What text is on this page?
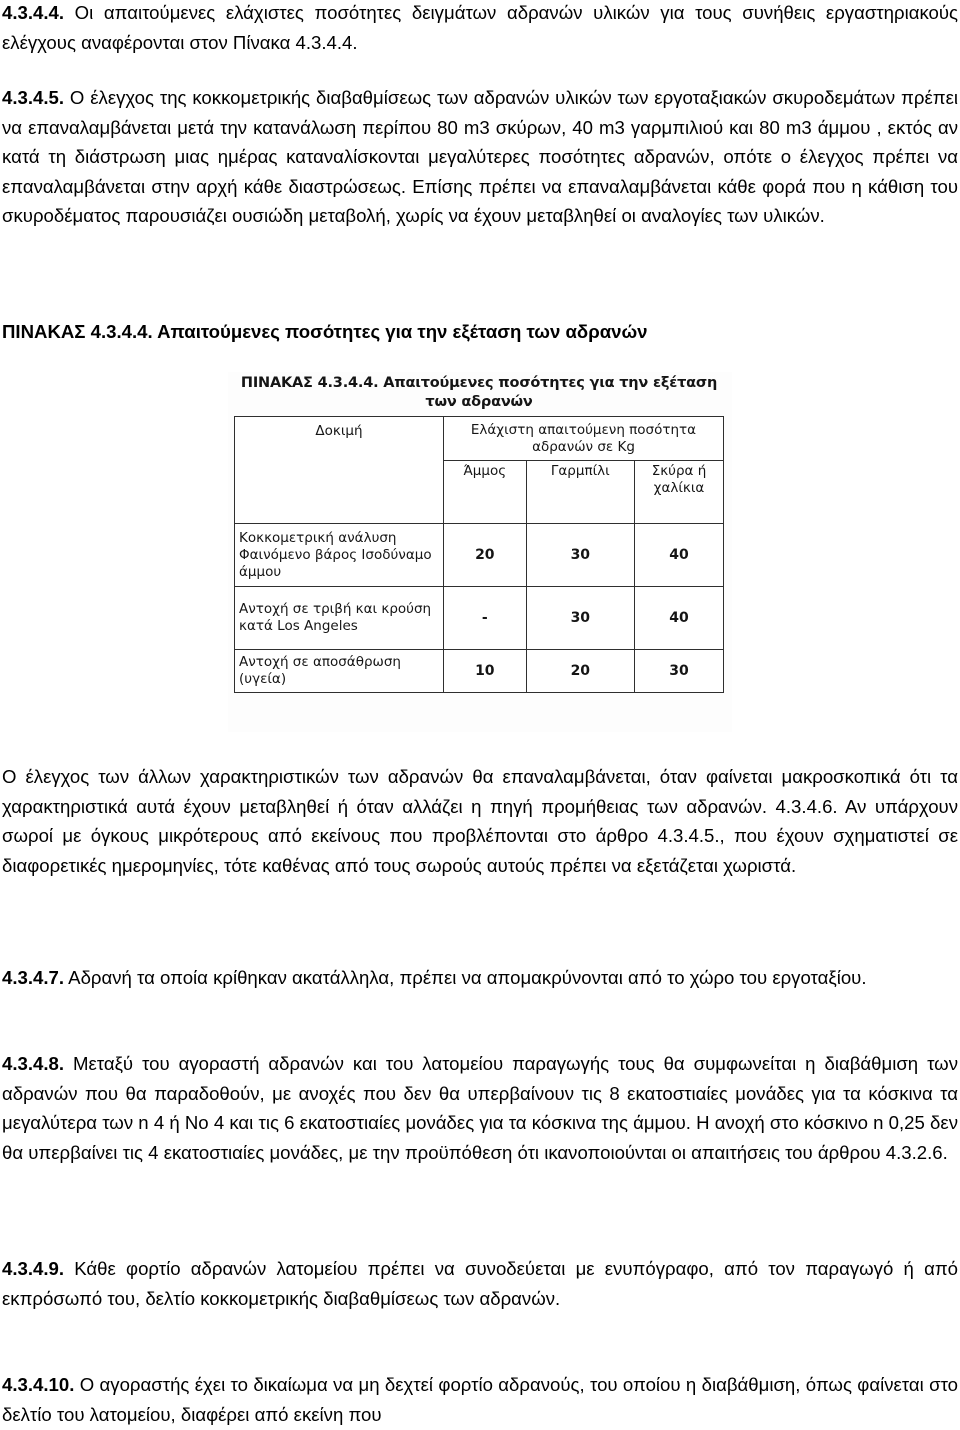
4.3.4.4. Οι απαιτούμενες ελάχιστες ποσότητες δειγμάτων αδρανών υλικών για τους συνήθεις εργαστηριακούς ελέγχους αναφέρονται στον Πίνακα 4.3.4.4.

4.3.4.5. Ο έλεγχος της κοκκομετρικής διαβαθμίσεως των αδρανών υλικών των εργοταξιακών σκυροδεμάτων πρέπει να επαναλαμβάνεται μετά την κατανάλωση περίπου 80 m3 σκύρων, 40 m3 γαρμπιλιού και 80 m3 άμμου , εκτός αν κατά τη διάστρωση μιας ημέρας καταναλίσκονται μεγαλύτερες ποσότητες αδρανών, οπότε ο έλεγχος πρέπει να επαναλαμβάνεται στην αρχή κάθε διαστρώσεως. Επίσης πρέπει να επαναλαμβάνεται κάθε φορά που η κάθιση του σκυροδέματος παρουσιάζει ουσιώδη μεταβολή, χωρίς να έχουν μεταβληθεί οι αναλογίες των υλικών.

ΠΙΝΑΚΑΣ 4.3.4.4. Απαιτούμενες ποσότητες για την εξέταση των αδρανών

ΠΙΝΑΚΑΣ 4.3.4.4. Απαιτούμενες ποσότητες για την εξέταση
των αδρανών
Δοκιμή	Ελάχιστη απαιτούμενη ποσότητα αδρανών σε Kg		
	Άμμος	Γαρμπίλι	Σκύρα ή χαλίκια
Κοκκομετρική ανάλυση Φαινόμενο βάρος Ισοδύναμο άμμου	20	30	40
Αντοχή σε τριβή και κρούση κατά Los Angeles	-	30	40
Αντοχή σε αποσάθρωση (υγεία)	10	20	30

Ο έλεγχος των άλλων χαρακτηριστικών των αδρανών θα επαναλαμβάνεται, όταν φαίνεται μακροσκοπικά ότι τα χαρακτηριστικά αυτά έχουν μεταβληθεί ή όταν αλλάζει η πηγή προμήθειας των αδρανών. 4.3.4.6. Αν υπάρχουν σωροί με όγκους μικρότερους από εκείνους που προβλέπονται στο άρθρο 4.3.4.5., που έχουν σχηματιστεί σε διαφορετικές ημερομηνίες, τότε καθένας από τους σωρούς αυτούς πρέπει να εξετάζεται χωριστά.

4.3.4.7. Αδρανή τα οποία κρίθηκαν ακατάλληλα, πρέπει να απομακρύνονται από το χώρο του εργοταξίου.

4.3.4.8. Μεταξύ του αγοραστή αδρανών και του λατομείου παραγωγής τους θα συμφωνείται η διαβάθμιση των αδρανών που θα παραδοθούν, με ανοχές που δεν θα υπερβαίνουν τις 8 εκατοστιαίες μονάδες για τα κόσκινα τα μεγαλύτερα των n 4 ή No 4 και τις 6 εκατοστιαίες μονάδες για τα κόσκινα της άμμου. Η ανοχή στο κόσκινο n 0,25 δεν θα υπερβαίνει τις 4 εκατοστιαίες μονάδες, με την προϋπόθεση ότι ικανοποιούνται οι απαιτήσεις του άρθρου 4.3.2.6.

4.3.4.9. Κάθε φορτίο αδρανών λατομείου πρέπει να συνοδεύεται με ενυπόγραφο, από τον παραγωγό ή από εκπρόσωπό του, δελτίο κοκκομετρικής διαβαθμίσεως των αδρανών.

4.3.4.10. Ο αγοραστής έχει το δικαίωμα να μη δεχτεί φορτίο αδρανούς, του οποίου η διαβάθμιση, όπως φαίνεται στο δελτίο του λατομείου, διαφέρει από εκείνη που
